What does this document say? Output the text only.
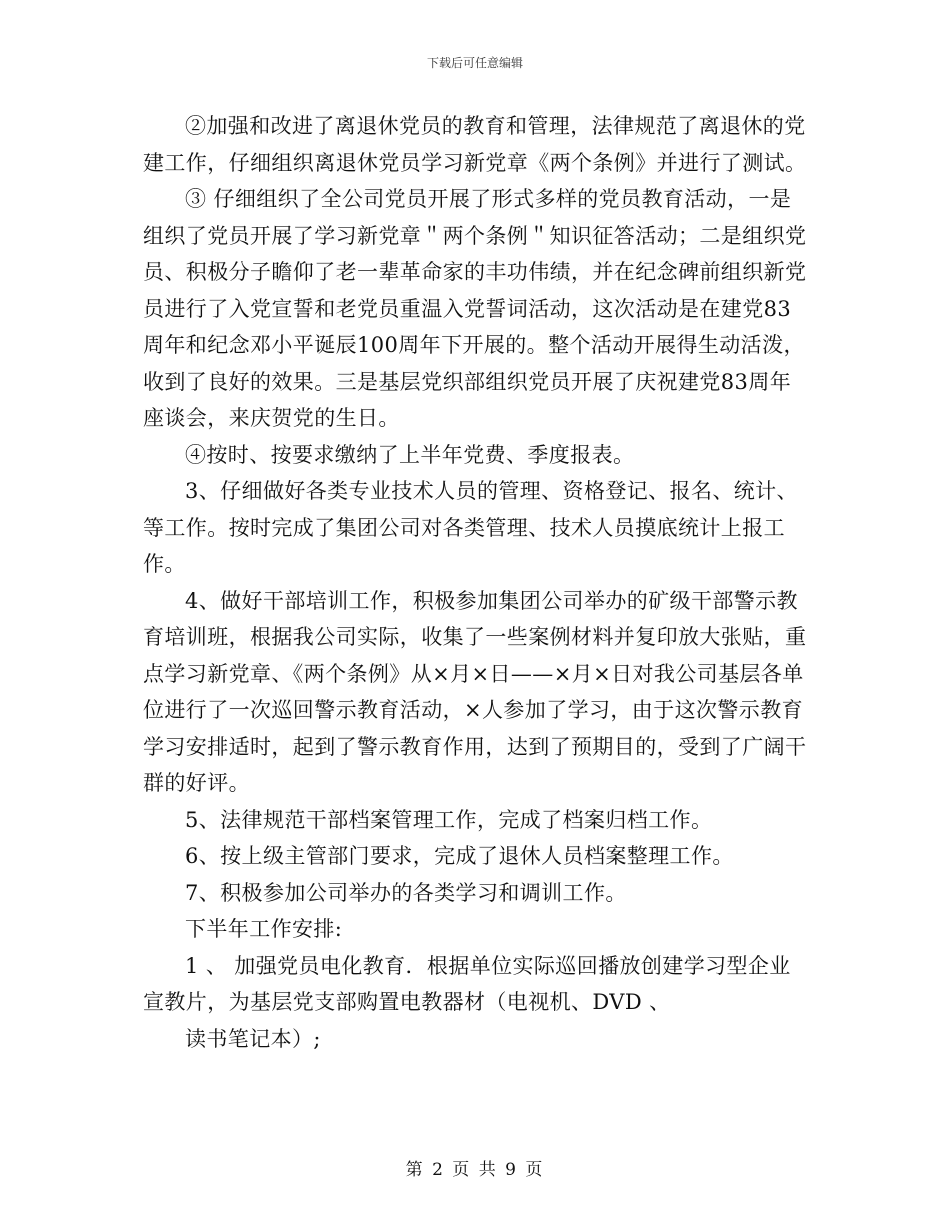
下载后可任意编辑

②加强和改进了离退休党员的教育和管理，法律规范了离退休的党建工作，仔细组织离退休党员学习新党章《两个条例》并进行了测试。

③ 仔细组织了全公司党员开展了形式多样的党员教育活动，一是组织了党员开展了学习新党章＂两个条例＂知识征答活动；二是组织党员、积极分子瞻仰了老一辈革命家的丰功伟绩，并在纪念碑前组织新党员进行了入党宣誓和老党员重温入党誓词活动，这次活动是在建党83周年和纪念邓小平诞辰100周年下开展的。整个活动开展得生动活泼，收到了良好的效果。三是基层党织部组织党员开展了庆祝建党83周年座谈会，来庆贺党的生日。

④按时、按要求缴纳了上半年党费、季度报表。

3、仔细做好各类专业技术人员的管理、资格登记、报名、统计、等工作。按时完成了集团公司对各类管理、技术人员摸底统计上报工作。

4、做好干部培训工作，积极参加集团公司举办的矿级干部警示教育培训班，根据我公司实际，收集了一些案例材料并复印放大张贴，重点学习新党章、《两个条例》从×月×日——×月×日对我公司基层各单位进行了一次巡回警示教育活动，×人参加了学习，由于这次警示教育学习安排适时，起到了警示教育作用，达到了预期目的，受到了广阔干群的好评。

5、法律规范干部档案管理工作，完成了档案归档工作。

6、按上级主管部门要求，完成了退休人员档案整理工作。

7、积极参加公司举办的各类学习和调训工作。

下半年工作安排:

1 、 加强党员电化教育．根据单位实际巡回播放创建学习型企业宣教片，为基层党支部购置电教器材（电视机、DVD 、

读书笔记本）;

第 2 页 共 9 页
